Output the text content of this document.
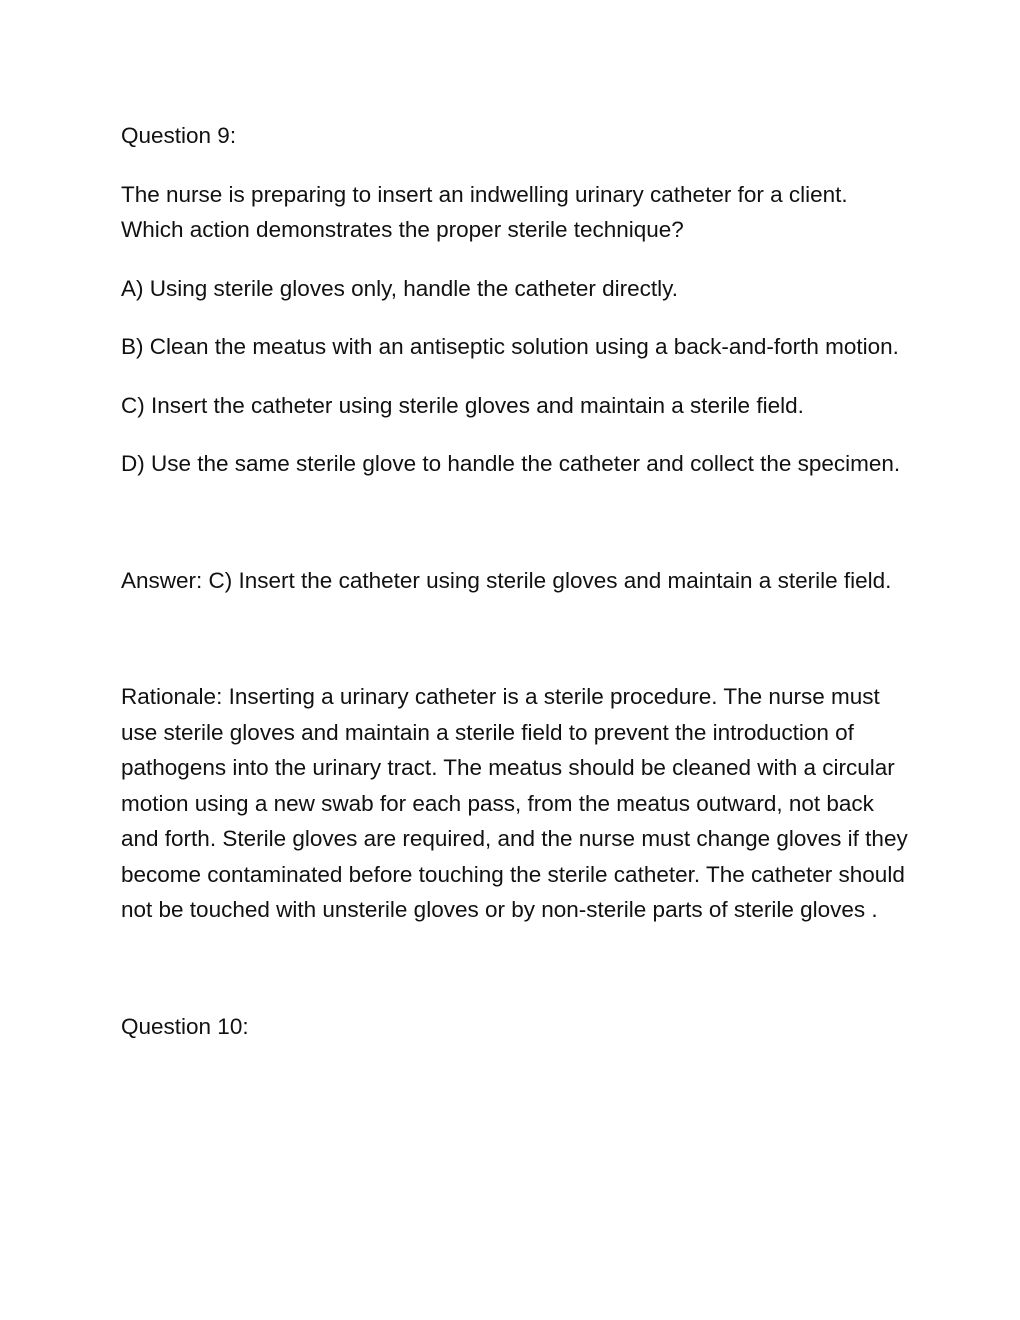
Question 9:

The nurse is preparing to insert an indwelling urinary catheter for a client. Which action demonstrates the proper sterile technique?

A) Using sterile gloves only, handle the catheter directly.

B) Clean the meatus with an antiseptic solution using a back-and-forth motion.

C) Insert the catheter using sterile gloves and maintain a sterile field.

D) Use the same sterile glove to handle the catheter and collect the specimen.

Answer: C) Insert the catheter using sterile gloves and maintain a sterile field.

Rationale: Inserting a urinary catheter is a sterile procedure. The nurse must use sterile gloves and maintain a sterile field to prevent the introduction of pathogens into the urinary tract. The meatus should be cleaned with a circular motion using a new swab for each pass, from the meatus outward, not back and forth. Sterile gloves are required, and the nurse must change gloves if they become contaminated before touching the sterile catheter. The catheter should not be touched with unsterile gloves or by non-sterile parts of sterile gloves .

Question 10:
